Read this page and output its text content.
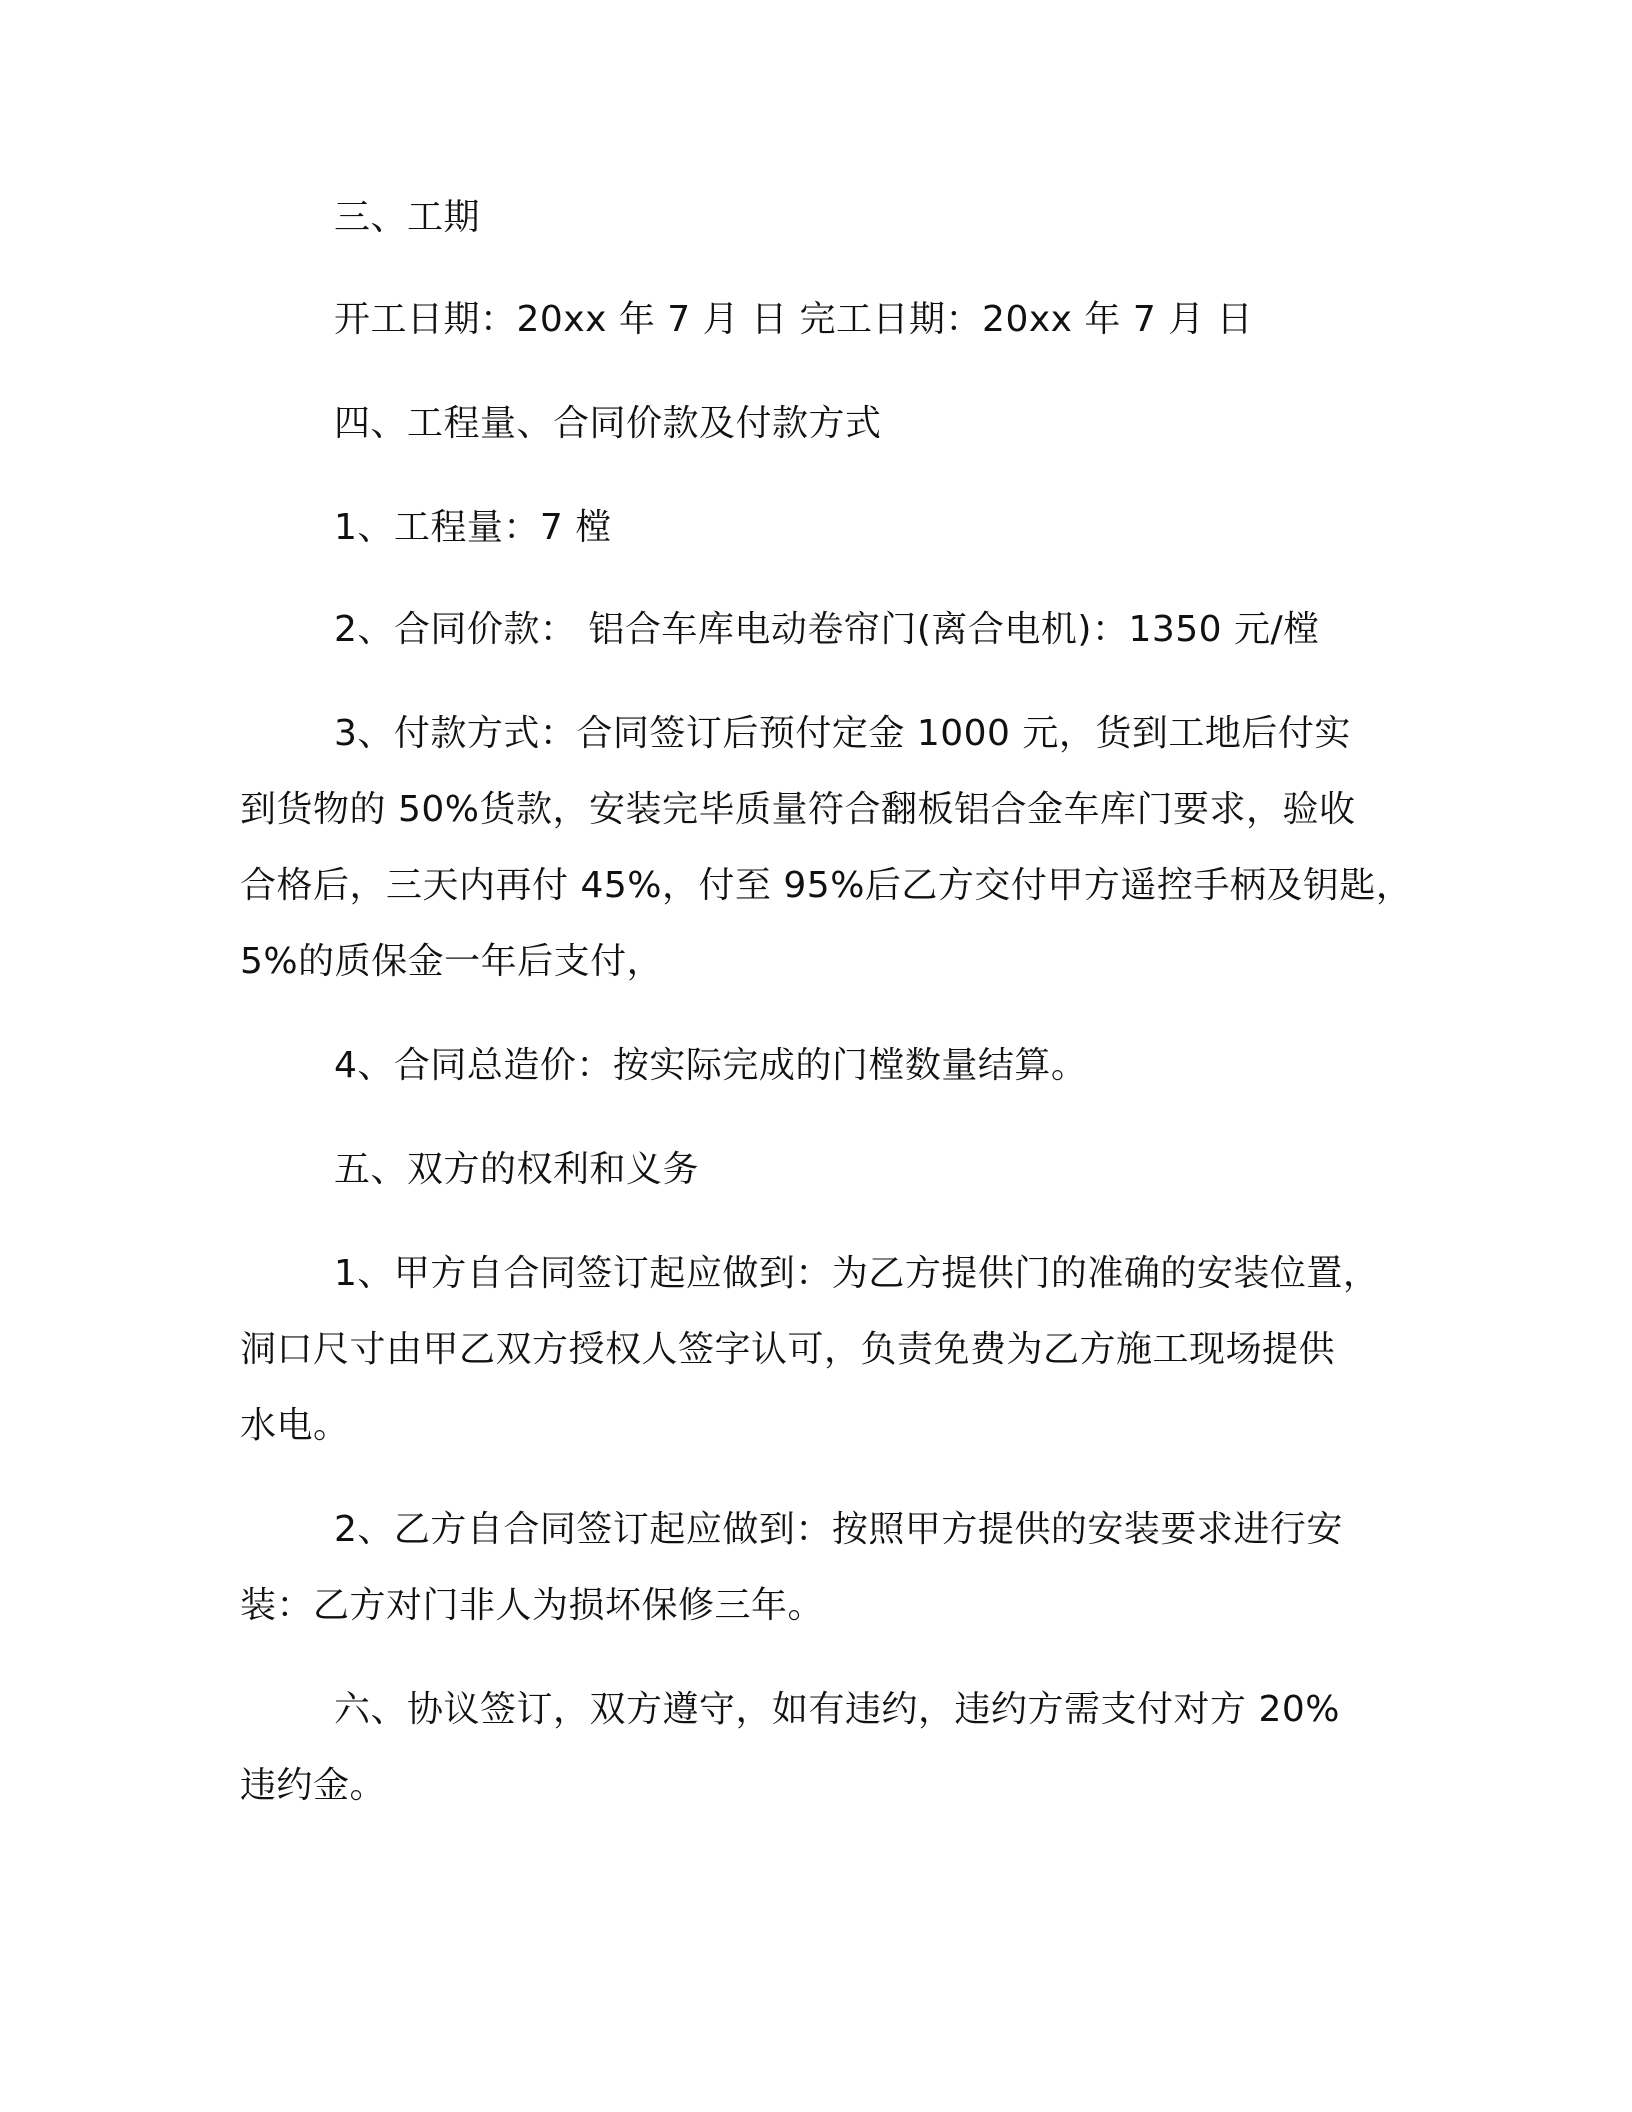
三、工期
开工日期：20xx 年 7 月 日 完工日期：20xx 年 7 月 日
四、工程量、合同价款及付款方式
1、工程量：7 樘
2、合同价款： 铝合车库电动卷帘门(离合电机)：1350 元/樘
3、付款方式：合同签订后预付定金 1000 元，货到工地后付实
到货物的 50%货款，安装完毕质量符合翻板铝合金车库门要求，验收
合格后，三天内再付 45%，付至 95%后乙方交付甲方遥控手柄及钥匙，
5%的质保金一年后支付，
4、合同总造价：按实际完成的门樘数量结算。
五、双方的权利和义务
1、甲方自合同签订起应做到：为乙方提供门的准确的安装位置，
洞口尺寸由甲乙双方授权人签字认可，负责免费为乙方施工现场提供
水电。
2、乙方自合同签订起应做到：按照甲方提供的安装要求进行安
装：乙方对门非人为损坏保修三年。
六、协议签订，双方遵守，如有违约，违约方需支付对方 20%
违约金。
